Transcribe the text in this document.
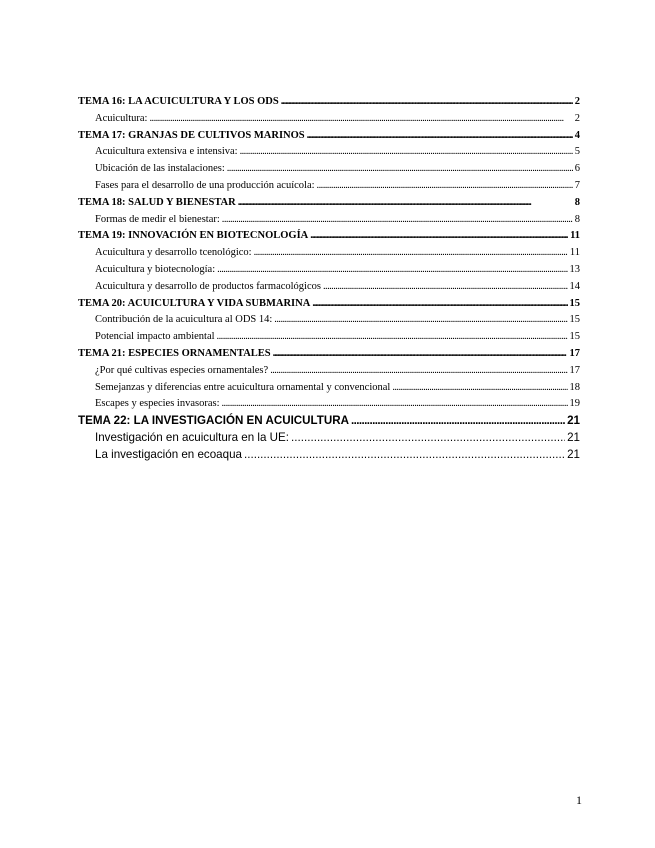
TEMA 16: LA ACUICULTURA Y LOS ODS . . .	2
Acuicultura: . . .	2
TEMA 17: GRANJAS DE CULTIVOS MARINOS . . .	4
Acuicultura extensiva e intensiva: . . .	5
Ubicación de las instalaciones: . . .	6
Fases para el desarrollo de una producción acuícola: . . .	7
TEMA 18: SALUD Y BIENESTAR . . .	8
Formas de medir el bienestar: . . .	8
TEMA 19: INNOVACIÓN EN BIOTECNOLOGÍA . . .	11
Acuicultura y desarrollo tcenológico: . . .	11
Acuicultura y biotecnología: . . .	13
Acuicultura y desarrollo de productos farmacológicos . . .	14
TEMA 20: ACUICULTURA Y VIDA SUBMARINA . . .	15
Contribución de la acuicultura al ODS 14: . . .	15
Potencial impacto ambiental . . .	15
TEMA 21: ESPECIES ORNAMENTALES . . .	17
¿Por qué cultivas especies ornamentales? . . .	17
Semejanzas y diferencias entre acuicultura ornamental y convencional . . .	18
Escapes y especies invasoras: . . .	19
TEMA 22: LA INVESTIGACIÓN EN ACUICULTURA . . .	21
Investigación en acuicultura en la UE: . . .	21
La investigación en ecoaqua . . .	21
1
